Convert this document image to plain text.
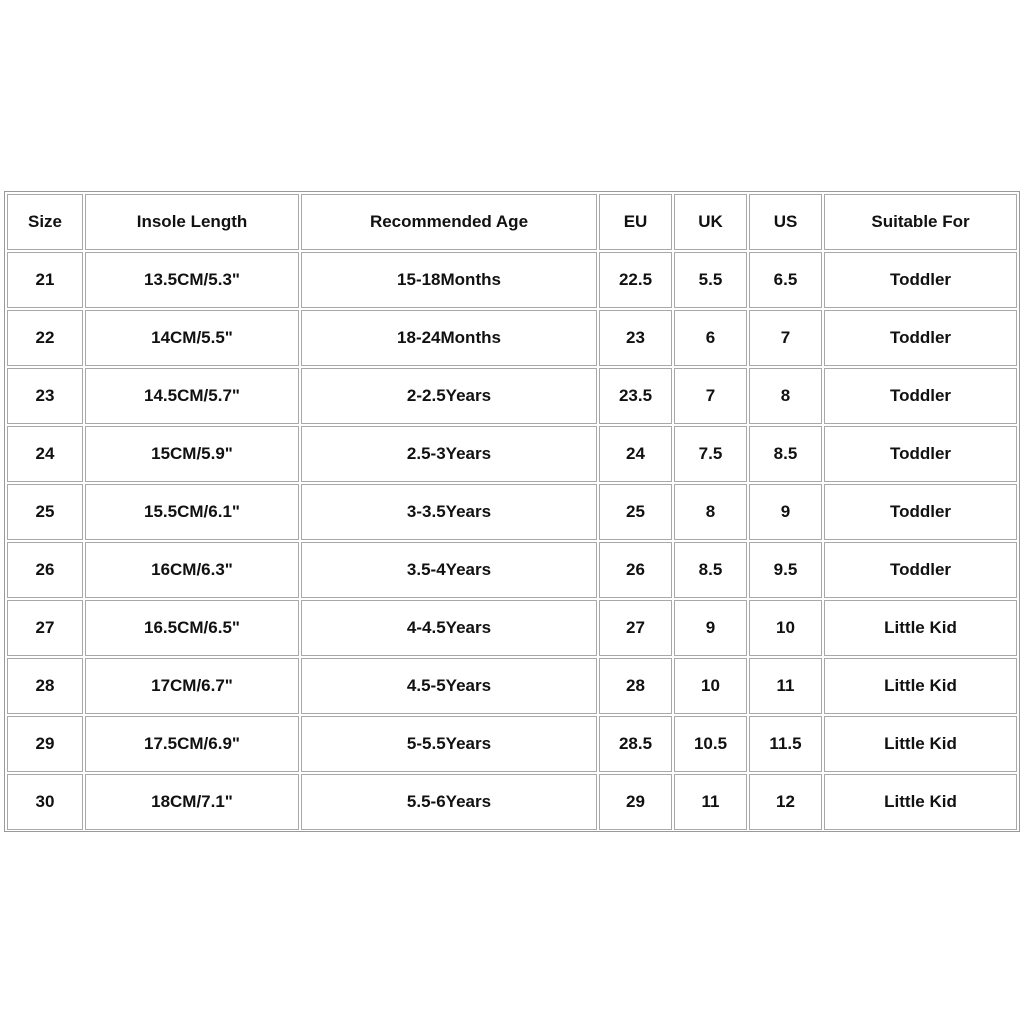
Size	Insole Length	Recommended Age	EU	UK	US	Suitable For
21	13.5CM/5.3"	15-18Months	22.5	5.5	6.5	Toddler
22	14CM/5.5"	18-24Months	23	6	7	Toddler
23	14.5CM/5.7"	2-2.5Years	23.5	7	8	Toddler
24	15CM/5.9"	2.5-3Years	24	7.5	8.5	Toddler
25	15.5CM/6.1"	3-3.5Years	25	8	9	Toddler
26	16CM/6.3"	3.5-4Years	26	8.5	9.5	Toddler
27	16.5CM/6.5"	4-4.5Years	27	9	10	Little Kid
28	17CM/6.7"	4.5-5Years	28	10	11	Little Kid
29	17.5CM/6.9"	5-5.5Years	28.5	10.5	11.5	Little Kid
30	18CM/7.1"	5.5-6Years	29	11	12	Little Kid
